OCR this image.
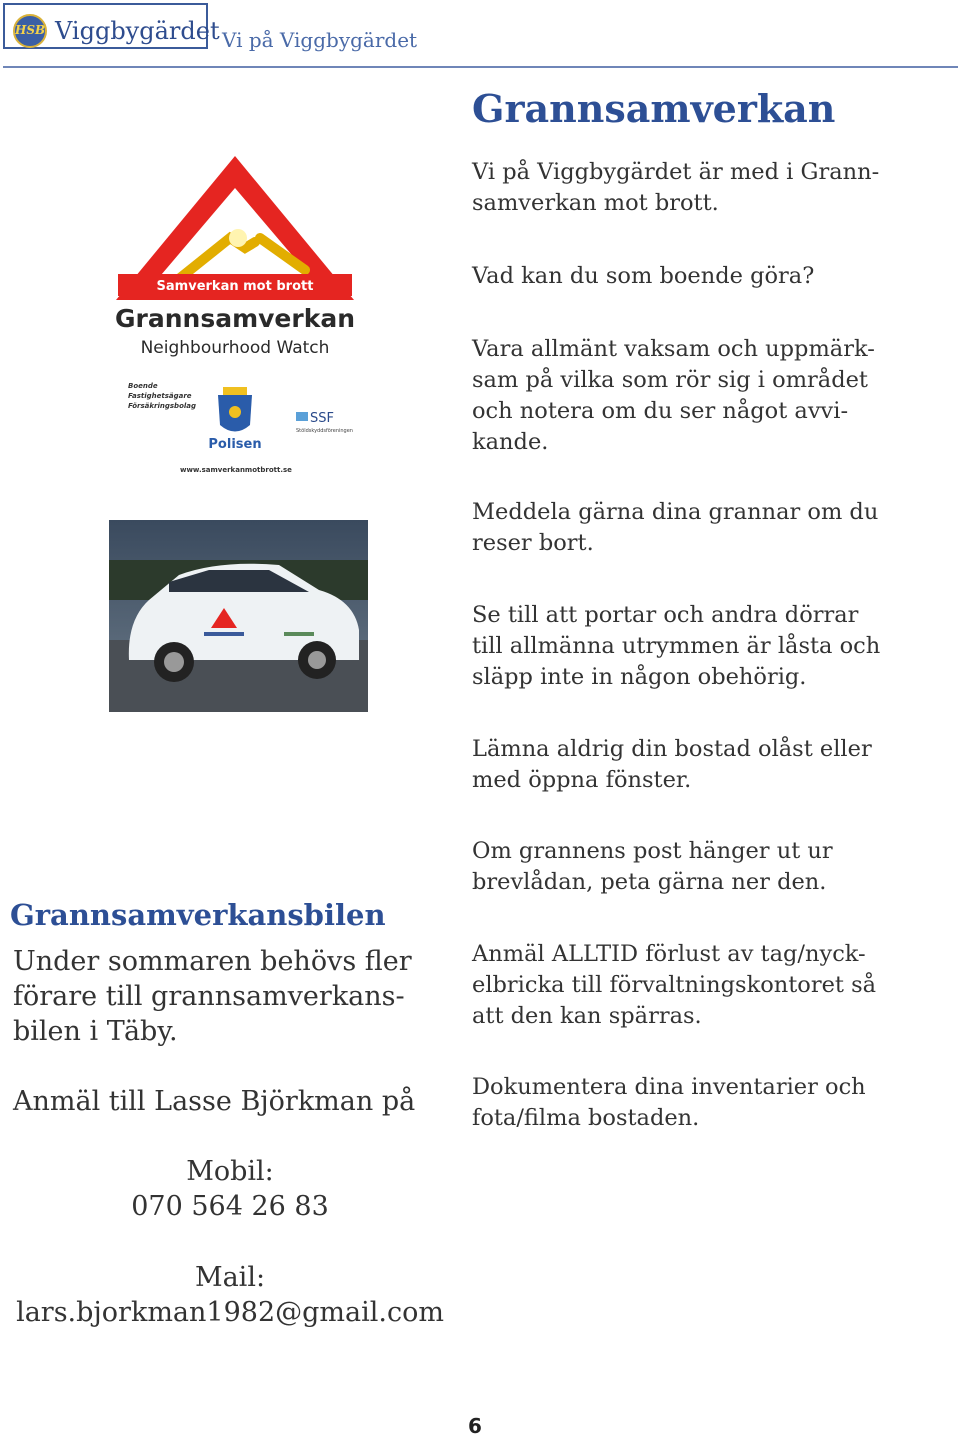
HSB Viggbygärdet Vi på Viggbygärdet
Grannsamverkan
Vi på Viggbygärdet är med i Grann-
samverkan mot brott.
Vad kan du som boende göra?
Vara allmänt vaksam och uppmärk-
sam på vilka som rör sig i området
och notera om du ser något avvi-
kande.
Meddela gärna dina grannar om du
reser bort.
Se till att portar och andra dörrar
till allmänna utrymmen är låsta och
släpp inte in någon obehörig.
Lämna aldrig din bostad olåst eller
med öppna fönster.
Om grannens post hänger ut ur
brevlådan, peta gärna ner den.
Anmäl ALLTID förlust av tag/nyck-
elbricka till förvaltningskontoret så
att den kan spärras.
Dokumentera dina inventarier och
fota/filma bostaden.
Samverkan mot brott
Grannsamverkan
Neighbourhood Watch
Boende
Fastighetsägare
Försäkringsbolag
Polisen
SSF
Stöldskyddsföreningen
www.samverkanmotbrott.se
Grannsamverkansbilen
Under sommaren behövs fler
förare till grannsamverkans-
bilen i Täby.
Anmäl till Lasse Björkman på
Mobil:
070 564 26 83
Mail:
lars.bjorkman1982@gmail.com
6
